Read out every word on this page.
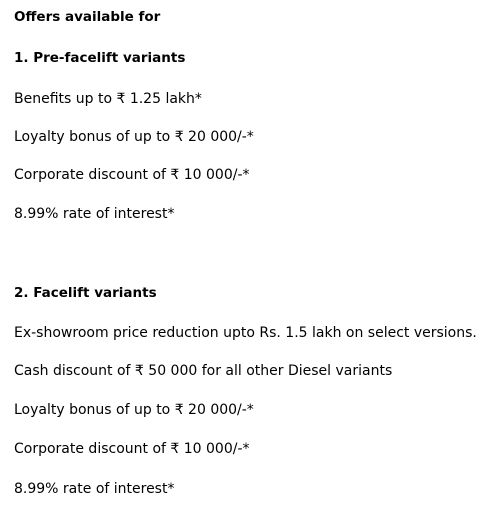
Offers available for
1. Pre-facelift variants
Benefits up to ₹ 1.25 lakh*
Loyalty bonus of up to ₹ 20 000/-*
Corporate discount of ₹ 10 000/-*
8.99% rate of interest*
2. Facelift variants
Ex-showroom price reduction upto Rs. 1.5 lakh on select versions.
Cash discount of ₹ 50 000 for all other Diesel variants
Loyalty bonus of up to ₹ 20 000/-*
Corporate discount of ₹ 10 000/-*
8.99% rate of interest*
